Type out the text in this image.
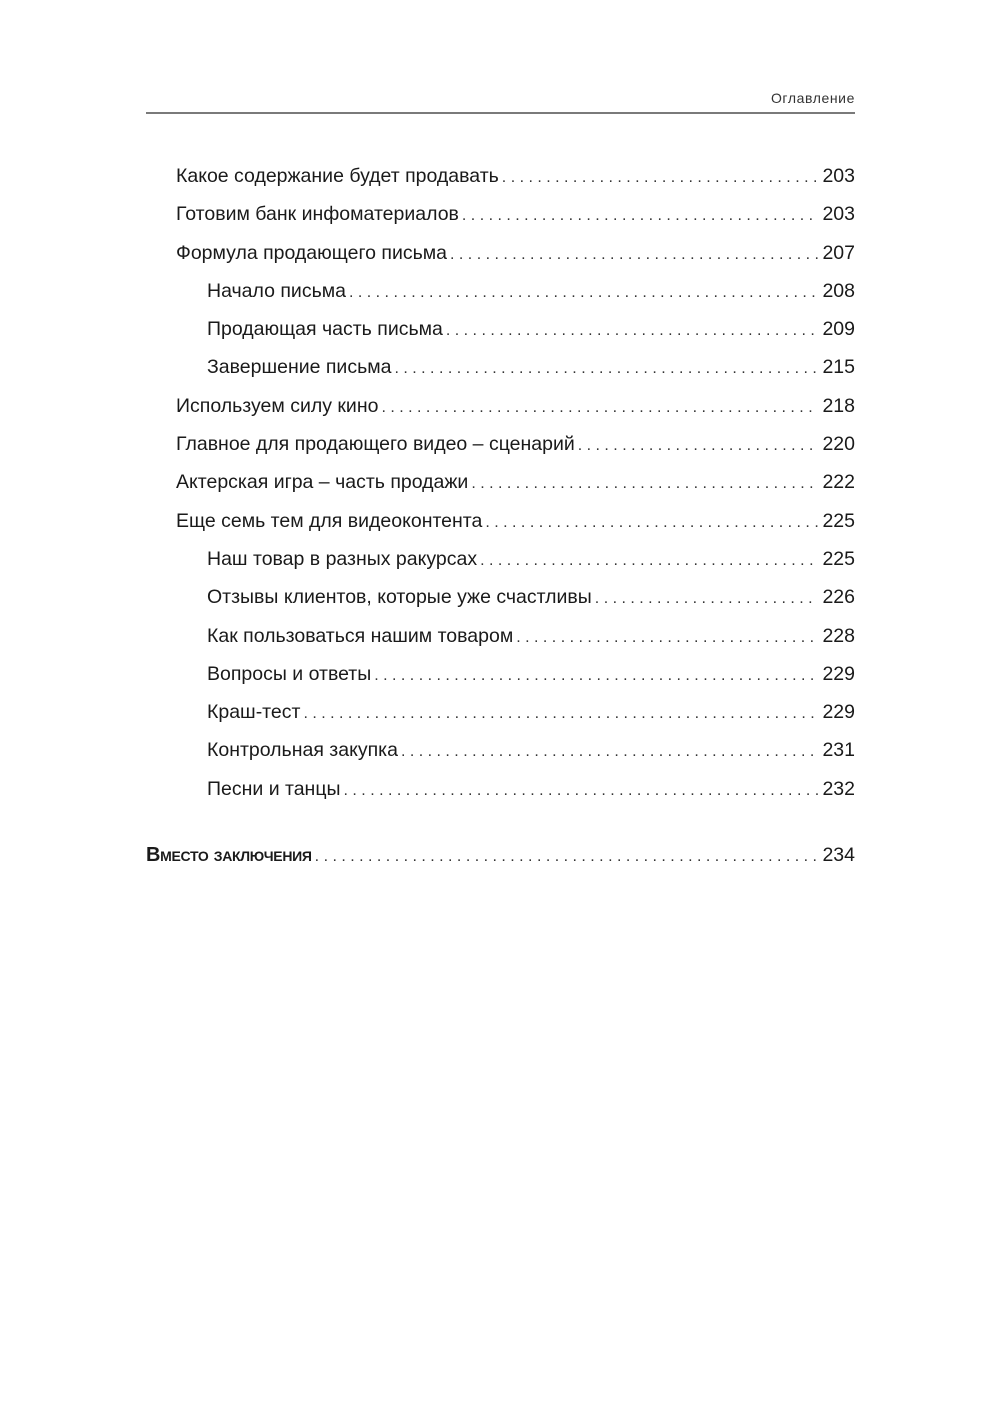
Оглавление
Какое содержание будет продавать . . .	203
Готовим банк инфоматериалов . . .	203
Формула продающего письма . . .	207
Начало письма . . .	208
Продающая часть письма . . .	209
Завершение письма . . .	215
Используем силу кино . . .	218
Главное для продающего видео – сценарий . . .	220
Актерская игра – часть продажи . . .	222
Еще семь тем для видеоконтента . . .	225
Наш товар в разных ракурсах . . .	225
Отзывы клиентов, которые уже счастливы . . .	226
Как пользоваться нашим товаром . . .	228
Вопросы и ответы . . .	229
Краш-тест . . .	229
Контрольная закупка . . .	231
Песни и танцы . . .	232
Вместо заключения . . .	234
